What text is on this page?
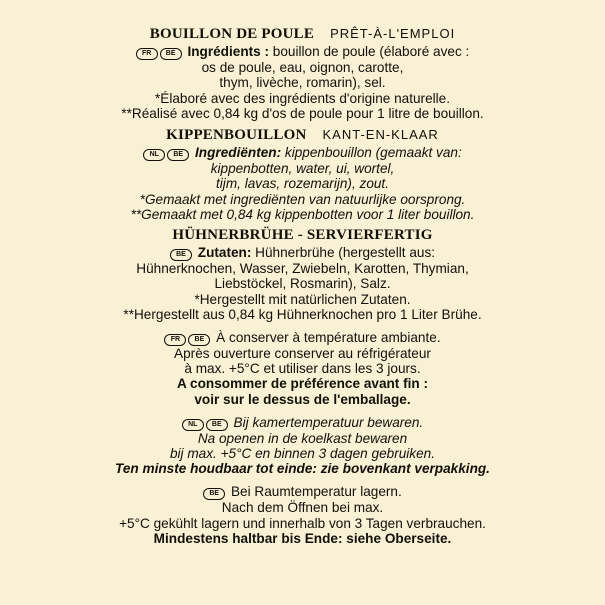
BOUILLON DE POULE PRÊT-À-L'EMPLOI
FR BE Ingrédients : bouillon de poule (élaboré avec :
os de poule, eau, oignon, carotte,
thym, livèche, romarin), sel.
*Élaboré avec des ingrédients d'origine naturelle.
**Réalisé avec 0,84 kg d'os de poule pour 1 litre de bouillon.
KIPPENBOUILLON KANT-EN-KLAAR
NL BE Ingrediënten: kippenbouillon (gemaakt van:
kippenbotten, water, ui, wortel,
tijm, lavas, rozemarijn), zout.
*Gemaakt met ingrediënten van natuurlijke oorsprong.
**Gemaakt met 0,84 kg kippenbotten voor 1 liter bouillon.
HÜHNERBRÜHE - SERVIERFERTIG
BE Zutaten: Hühnerbrühe (hergestellt aus:
Hühnerknochen, Wasser, Zwiebeln, Karotten, Thymian,
Liebstöckel, Rosmarin), Salz.
*Hergestellt mit natürlichen Zutaten.
**Hergestellt aus 0,84 kg Hühnerknochen pro 1 Liter Brühe.
FR BE À conserver à température ambiante.
Après ouverture conserver au réfrigérateur
à max. +5°C et utiliser dans les 3 jours.
A consommer de préférence avant fin :
voir sur le dessus de l'emballage.
NL BE Bij kamertemperatuur bewaren.
Na openen in de koelkast bewaren
bij max. +5°C en binnen 3 dagen gebruiken.
Ten minste houdbaar tot einde: zie bovenkant verpakking.
BE Bei Raumtemperatur lagern.
Nach dem Öffnen bei max.
+5°C gekühlt lagern und innerhalb von 3 Tagen verbrauchen.
Mindestens haltbar bis Ende: siehe Oberseite.
